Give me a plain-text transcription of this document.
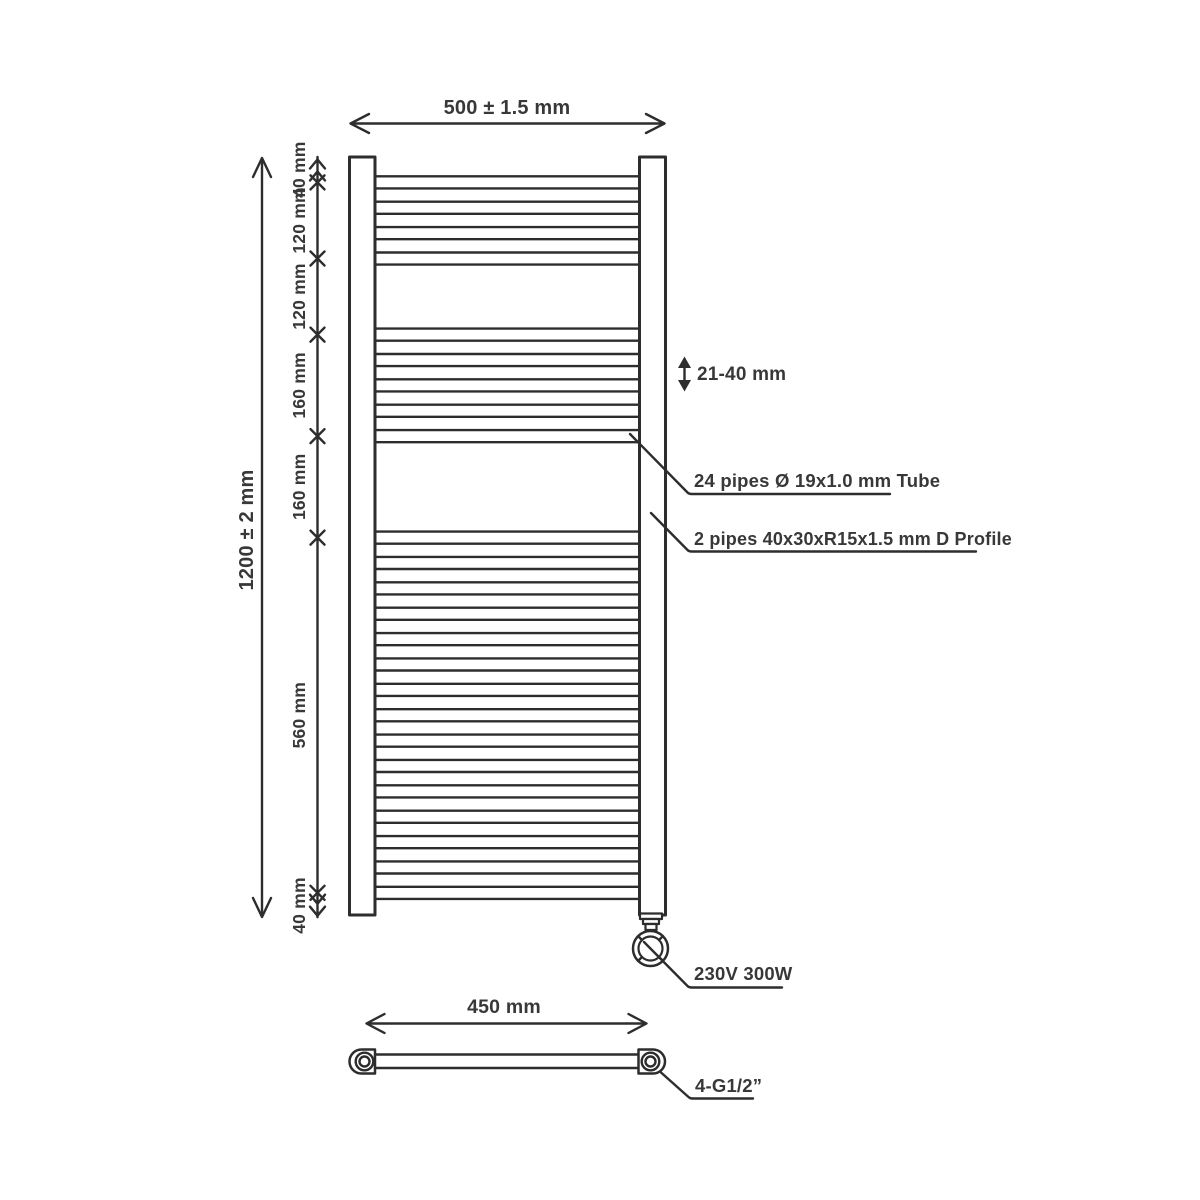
500 ± 1.5 mm
1200 ± 2 mm
40 mm
120 mm
120 mm
160 mm
160 mm
560 mm
40 mm
21-40 mm
24 pipes Ø 19x1.0 mm Tube
2 pipes 40x30xR15x1.5 mm D Profile
230V 300W
450 mm
4-G1/2”
